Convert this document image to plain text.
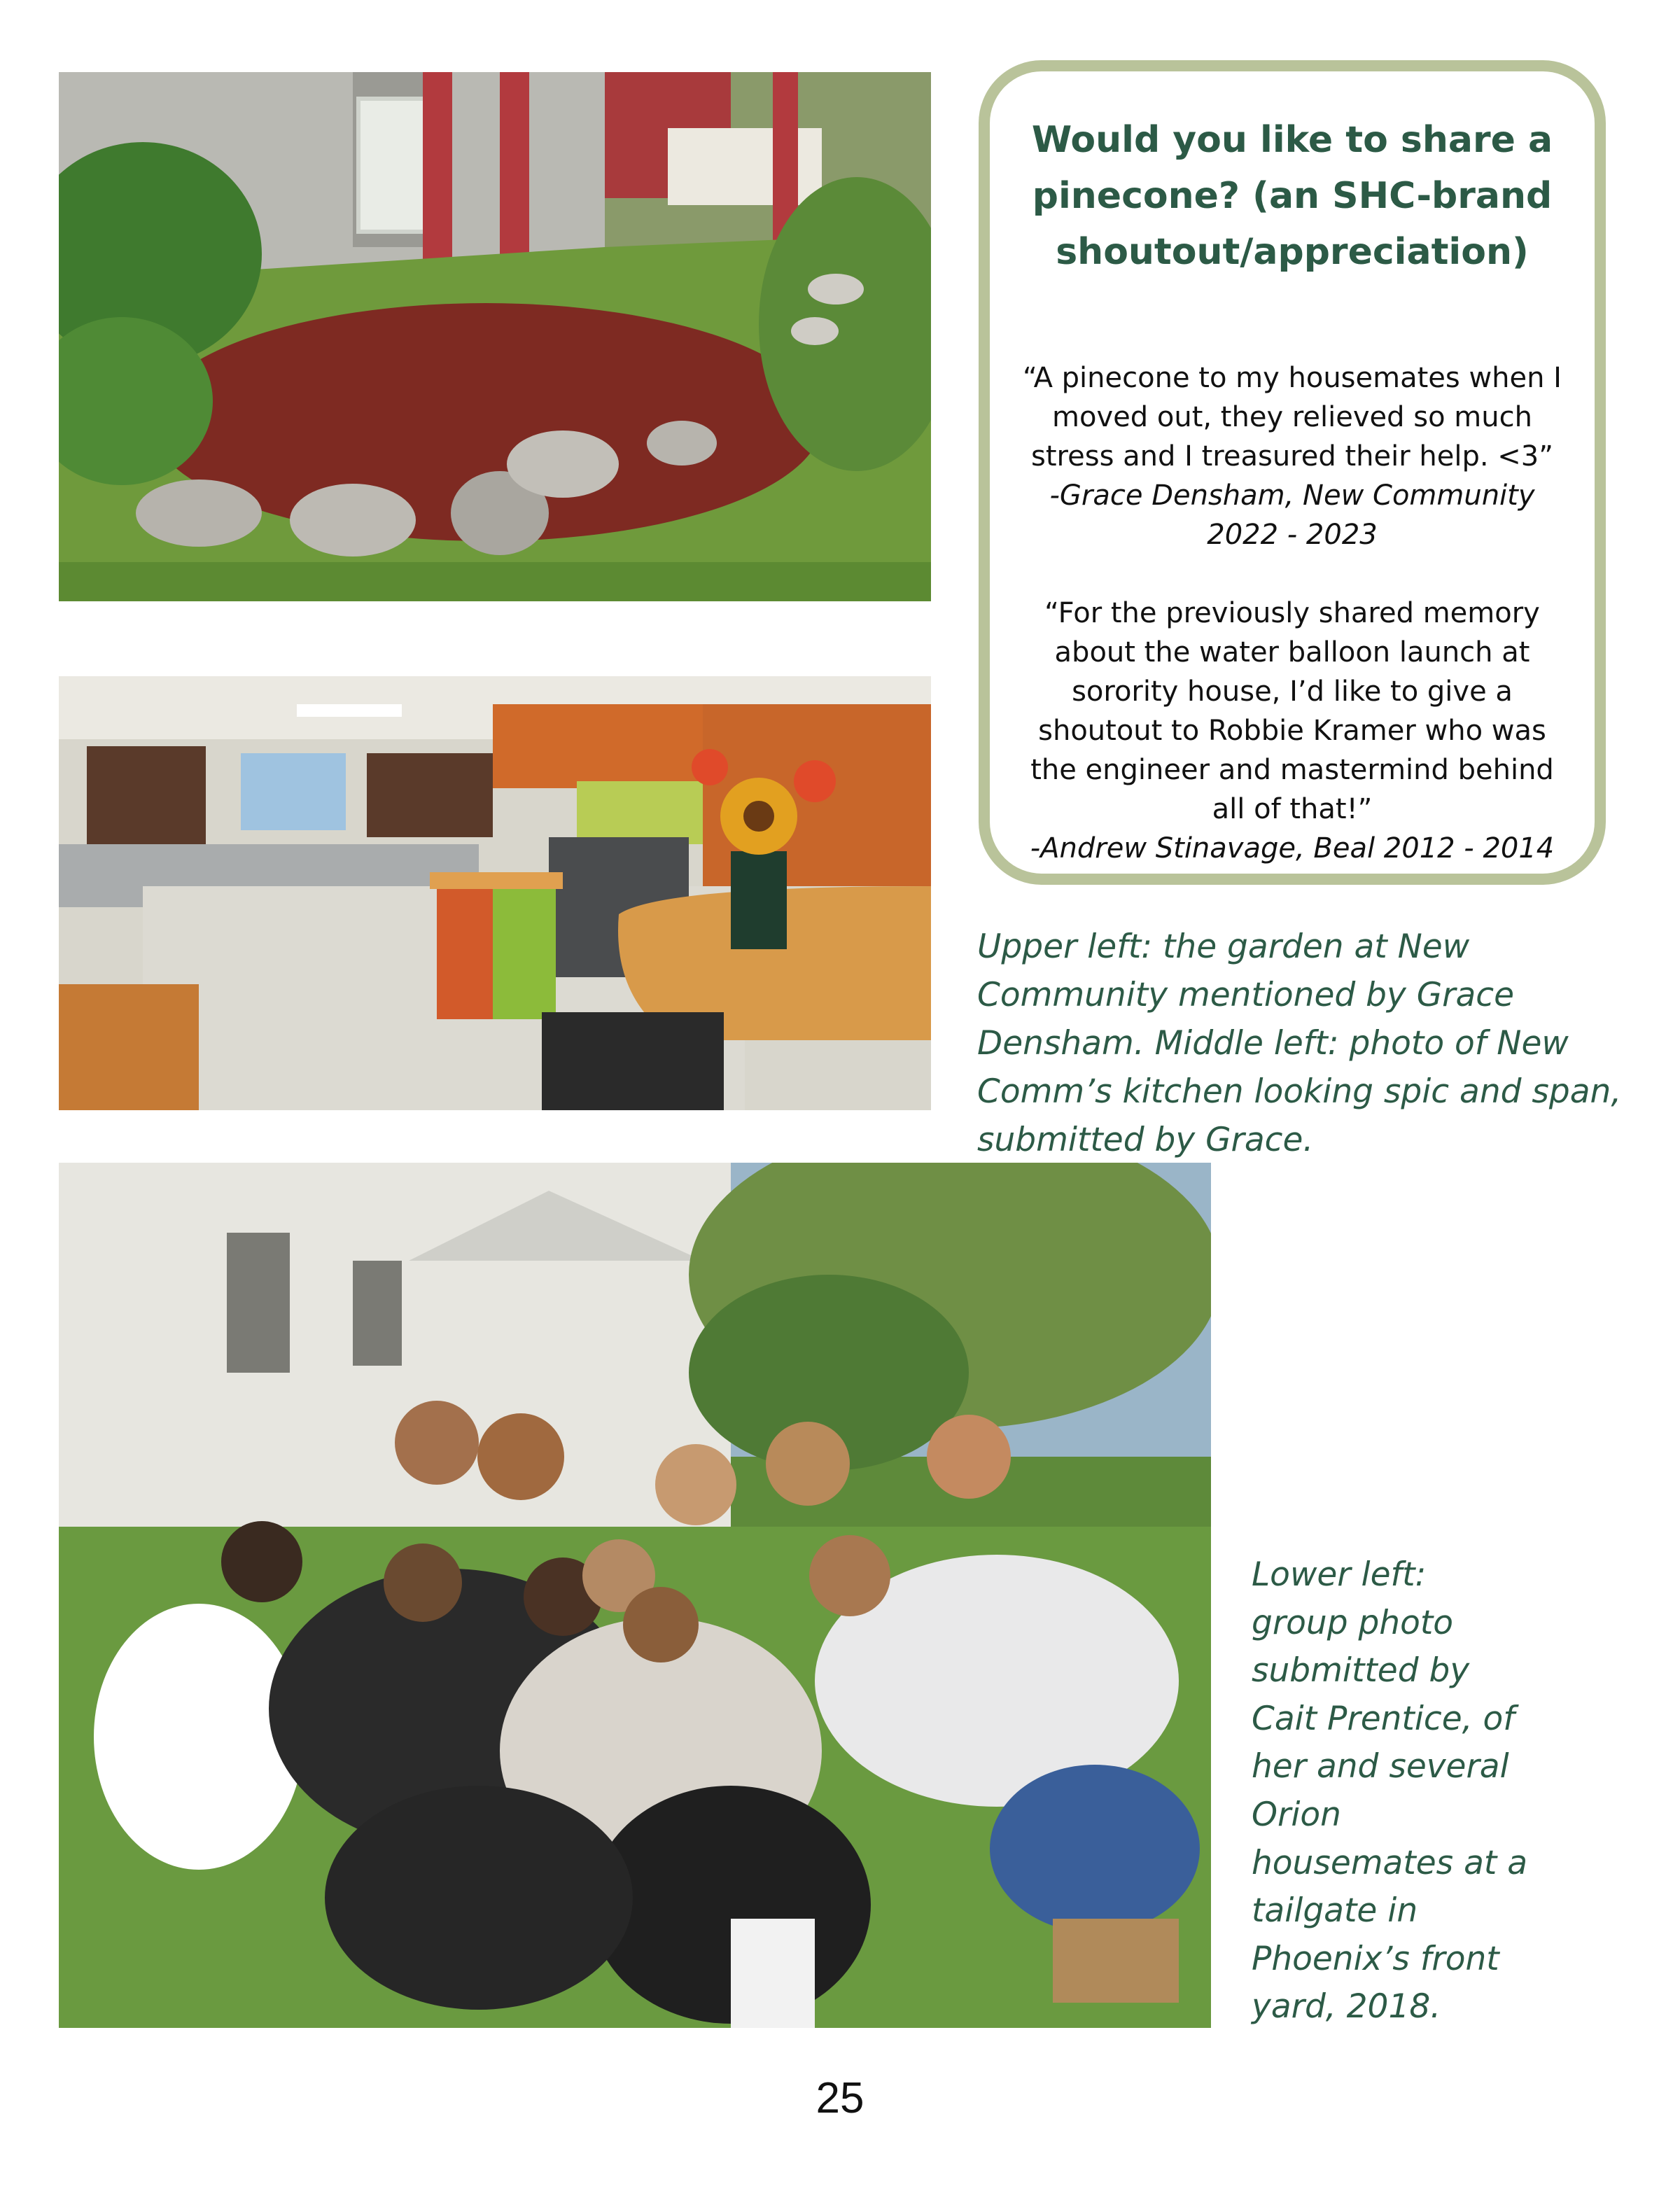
Would you like to share a pinecone? (an SHC-brand shoutout/appreciation)
“A pinecone to my housemates when I moved out, they relieved so much stress and I treasured their help. <3”
-Grace Densham, New Community 2022 - 2023
“For the previously shared memory about the water balloon launch at sorority house, I’d like to give a shoutout to Robbie Kramer who was the engineer and mastermind behind all of that!”
-Andrew Stinavage, Beal 2012 - 2014
Upper left: the garden at New Community mentioned by Grace Densham. Middle left: photo of New Comm’s kitchen looking spic and span, submitted by Grace.
Lower left: group photo submitted by Cait Prentice, of her and several Orion housemates at a tailgate in Phoenix’s front yard, 2018.
25
